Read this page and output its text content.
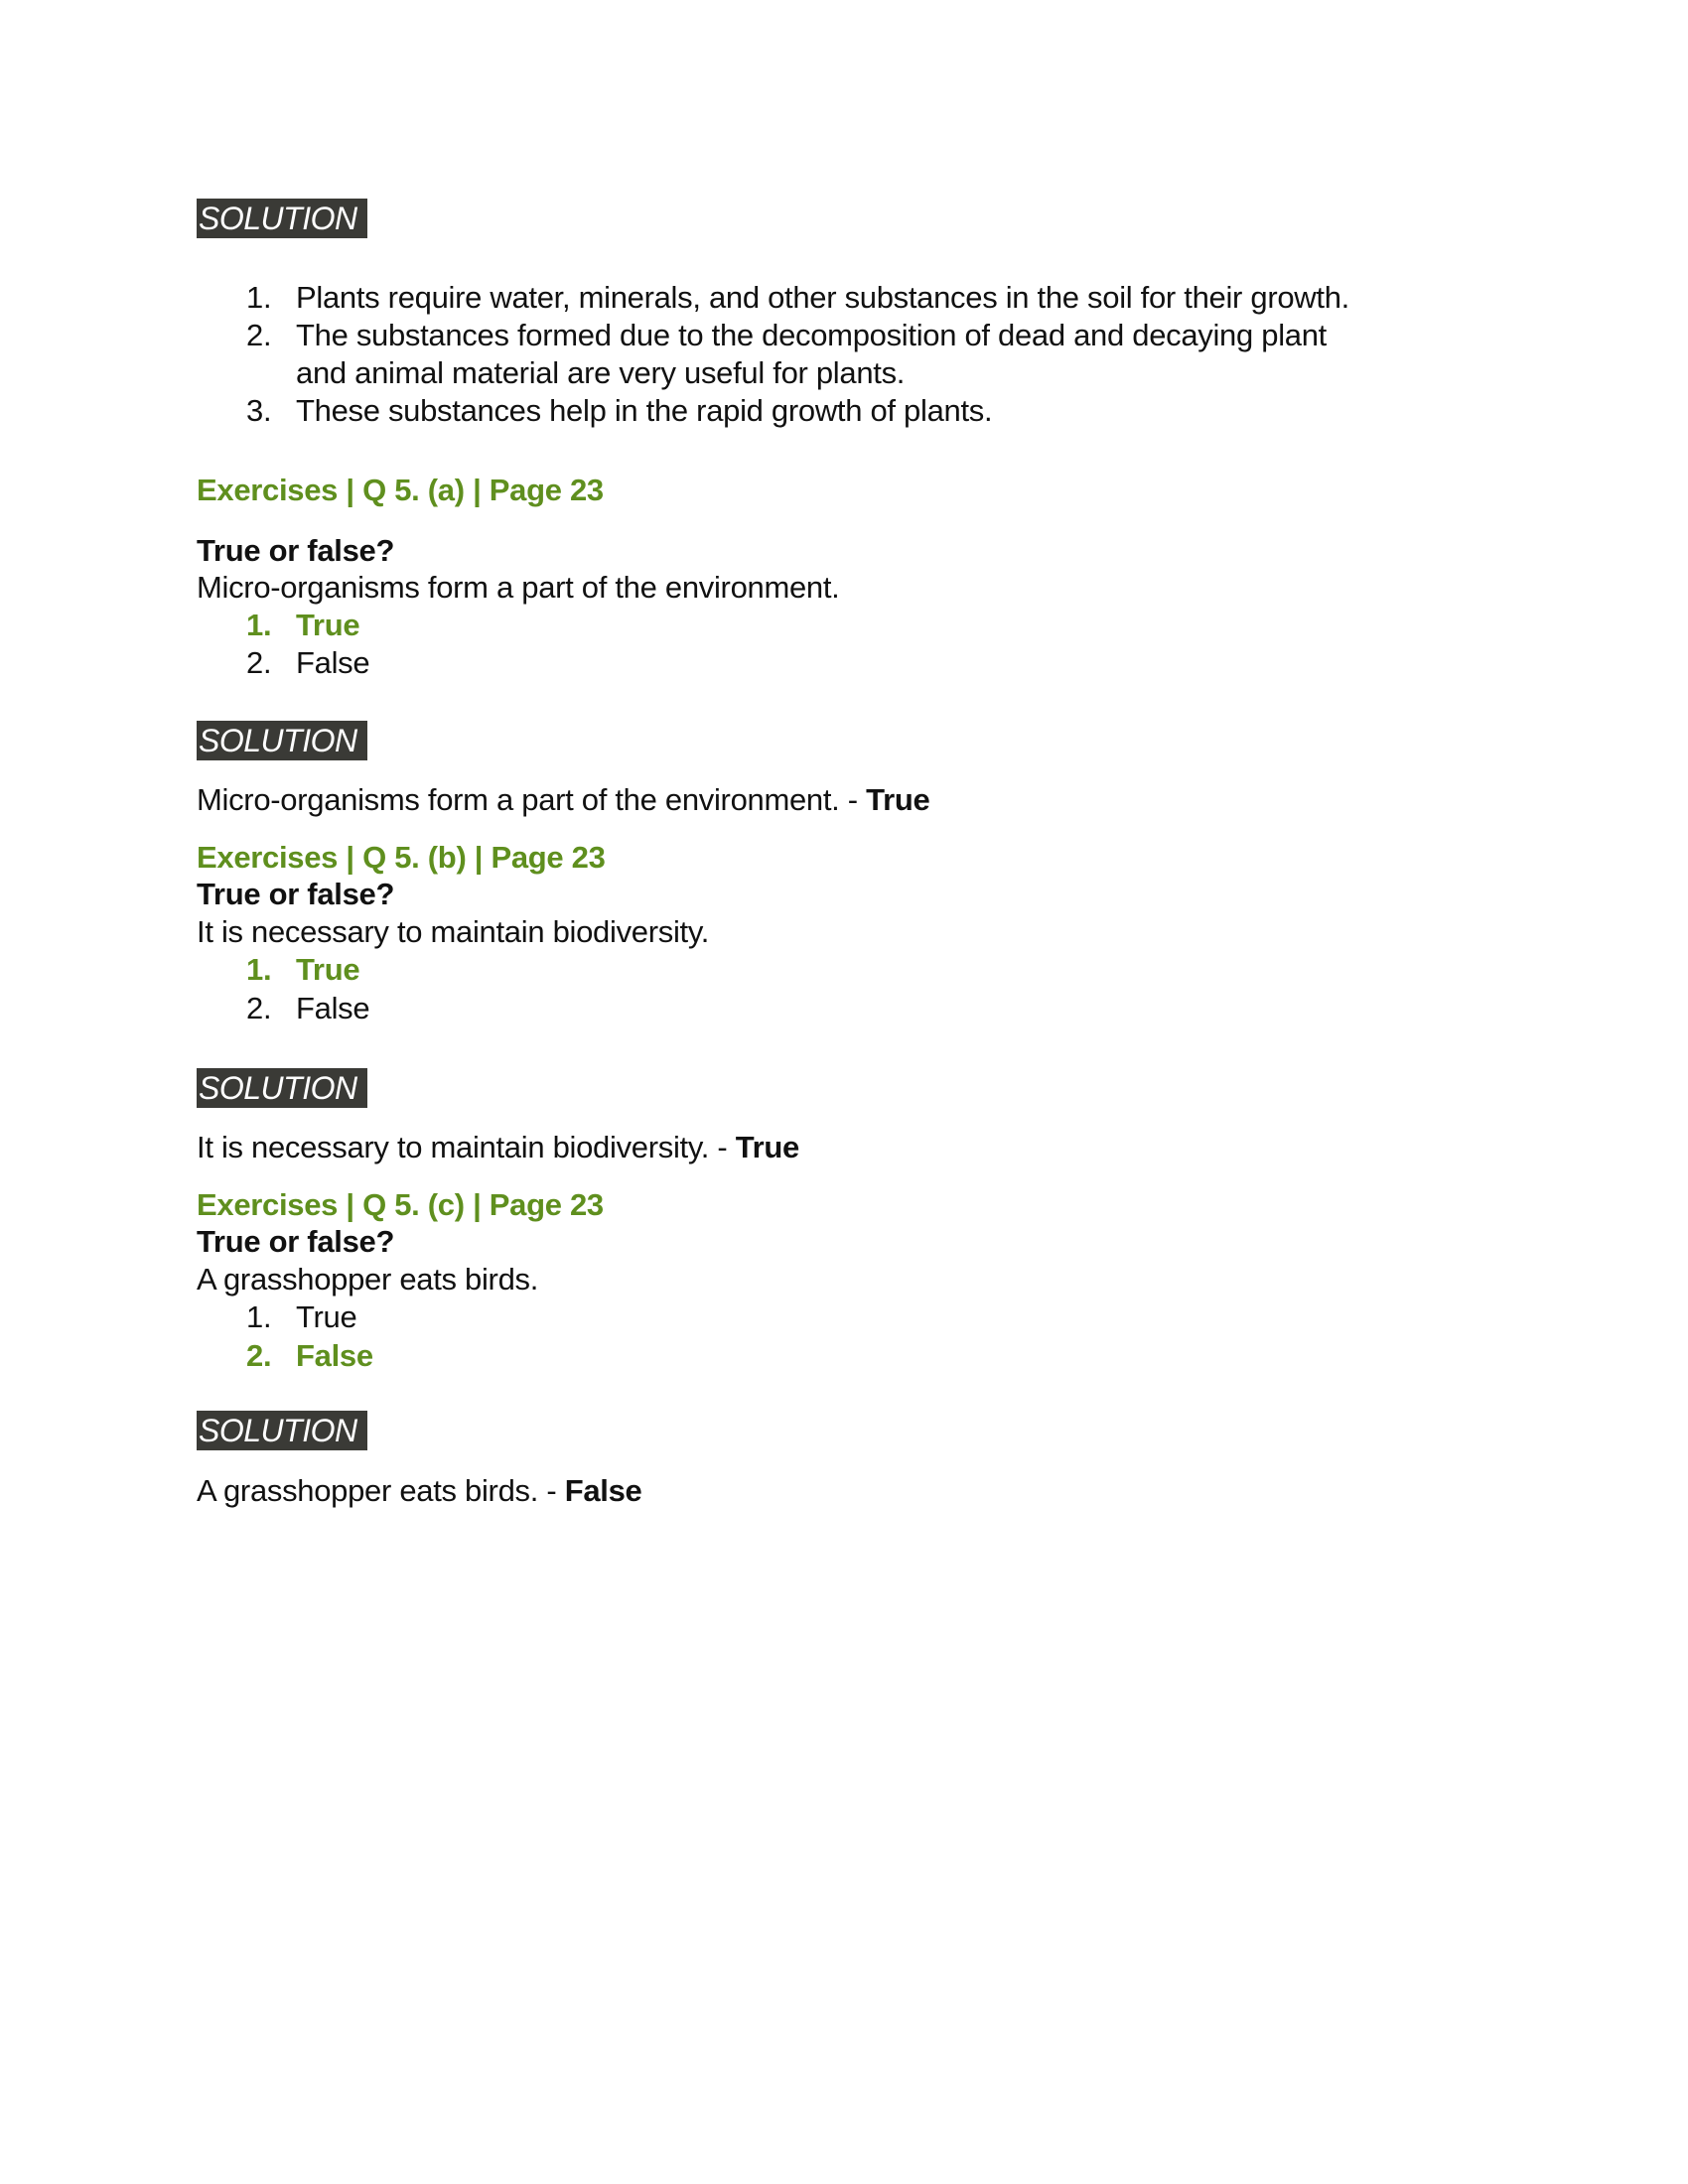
SOLUTION
1. Plants require water, minerals, and other substances in the soil for their growth.
2. The substances formed due to the decomposition of dead and decaying plant
and animal material are very useful for plants.
3. These substances help in the rapid growth of plants.
Exercises | Q 5. (a) | Page 23
True or false?
Micro-organisms form a part of the environment.
1. True
2. False
SOLUTION
Micro-organisms form a part of the environment. - True
Exercises | Q 5. (b) | Page 23
True or false?
It is necessary to maintain biodiversity.
1. True
2. False
SOLUTION
It is necessary to maintain biodiversity. - True
Exercises | Q 5. (c) | Page 23
True or false?
A grasshopper eats birds.
1. True
2. False
SOLUTION
A grasshopper eats birds. - False
